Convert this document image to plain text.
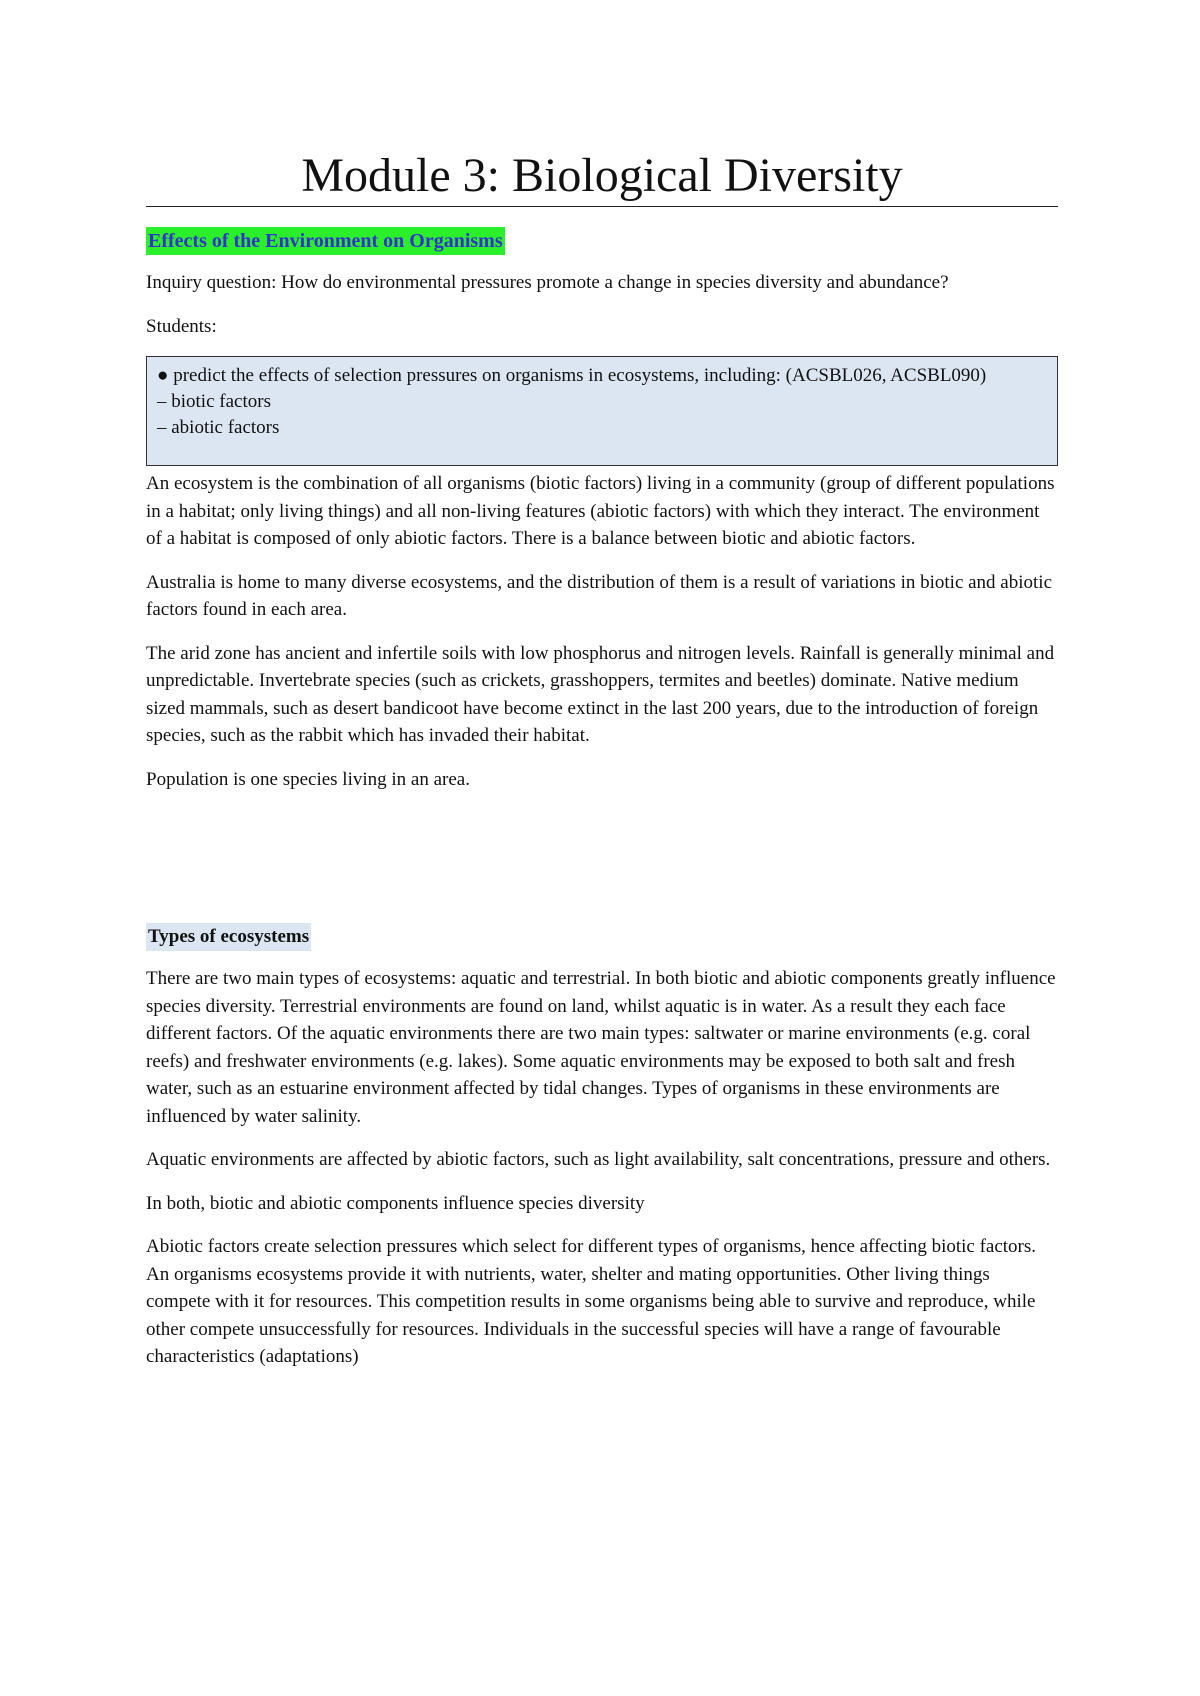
Module 3: Biological Diversity
Effects of the Environment on Organisms

Inquiry question: How do environmental pressures promote a change in species diversity and abundance?

Students:

● predict the effects of selection pressures on organisms in ecosystems, including: (ACSBL026, ACSBL090)
– biotic factors
– abiotic factors

An ecosystem is the combination of all organisms (biotic factors) living in a community (group of different populations in a habitat; only living things) and all non-living features (abiotic factors) with which they interact. The environment of a habitat is composed of only abiotic factors. There is a balance between biotic and abiotic factors.

Australia is home to many diverse ecosystems, and the distribution of them is a result of variations in biotic and abiotic factors found in each area.

The arid zone has ancient and infertile soils with low phosphorus and nitrogen levels. Rainfall is generally minimal and unpredictable. Invertebrate species (such as crickets, grasshoppers, termites and beetles) dominate. Native medium sized mammals, such as desert bandicoot have become extinct in the last 200 years, due to the introduction of foreign species, such as the rabbit which has invaded their habitat.

Population is one species living in an area.

Types of ecosystems

There are two main types of ecosystems: aquatic and terrestrial. In both biotic and abiotic components greatly influence species diversity. Terrestrial environments are found on land, whilst aquatic is in water. As a result they each face different factors. Of the aquatic environments there are two main types: saltwater or marine environments (e.g. coral reefs) and freshwater environments (e.g. lakes). Some aquatic environments may be exposed to both salt and fresh water, such as an estuarine environment affected by tidal changes. Types of organisms in these environments are influenced by water salinity.

Aquatic environments are affected by abiotic factors, such as light availability, salt concentrations, pressure and others.

In both, biotic and abiotic components influence species diversity

Abiotic factors create selection pressures which select for different types of organisms, hence affecting biotic factors. An organisms ecosystems provide it with nutrients, water, shelter and mating opportunities. Other living things compete with it for resources. This competition results in some organisms being able to survive and reproduce, while other compete unsuccessfully for resources. Individuals in the successful species will have a range of favourable characteristics (adaptations)
